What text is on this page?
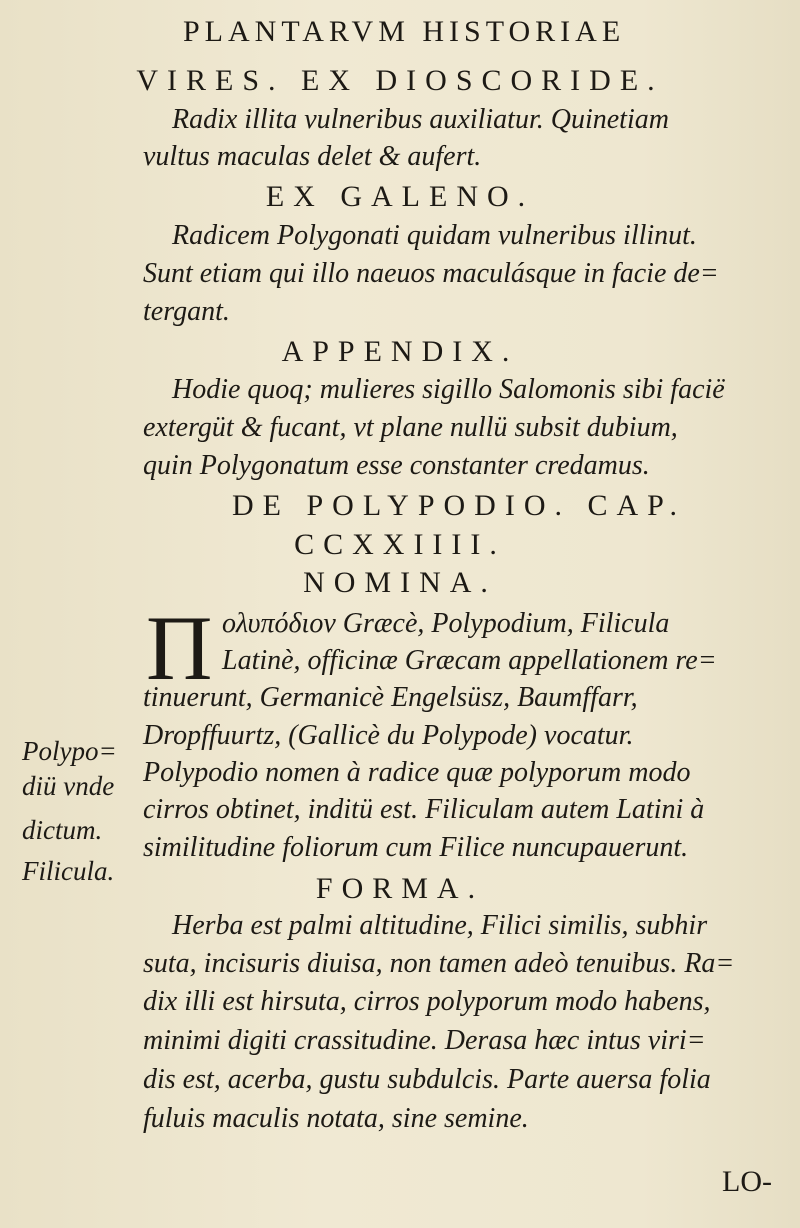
PLANTARVM HISTORIAE
VIRES. EX DIOSCORIDE.
Radix illita vulneribus auxiliatur. Quinetiam
vultus maculas delet & aufert.
EX GALENO.
Radicem Polygonati quidam vulneribus illinut.
Sunt etiam qui illo naeuos maculásque in facie de=
tergant.
APPENDIX.
Hodie quoq; mulieres sigillo Salomonis sibi facië
extergüt & fucant, vt plane nullü subsit dubium,
quin Polygonatum esse constanter credamus.
DE POLYPODIO. CAP.
CCXXIIII.
NOMINA.
Π ολυπόδιον Græcè, Polypodium, Filicula
Latinè, officinæ Græcam appellationem re=
tinuerunt, Germanicè Engelsüsz, Baumffarr,
Dropffuurtz, (Gallicè du Polypode) vocatur.
Polypodio nomen à radice quæ polyporum modo
cirros obtinet, inditü est. Filiculam autem Latini à
similitudine foliorum cum Filice nuncupauerunt.
Polypo=
diü vnde
dictum.
Filicula.
FORMA.
Herba est palmi altitudine, Filici similis, subhir
suta, incisuris diuisa, non tamen adeò tenuibus. Ra=
dix illi est hirsuta, cirros polyporum modo habens,
minimi digiti crassitudine. Derasa hæc intus viri=
dis est, acerba, gustu subdulcis. Parte auersa folia
fuluis maculis notata, sine semine.
LO-
